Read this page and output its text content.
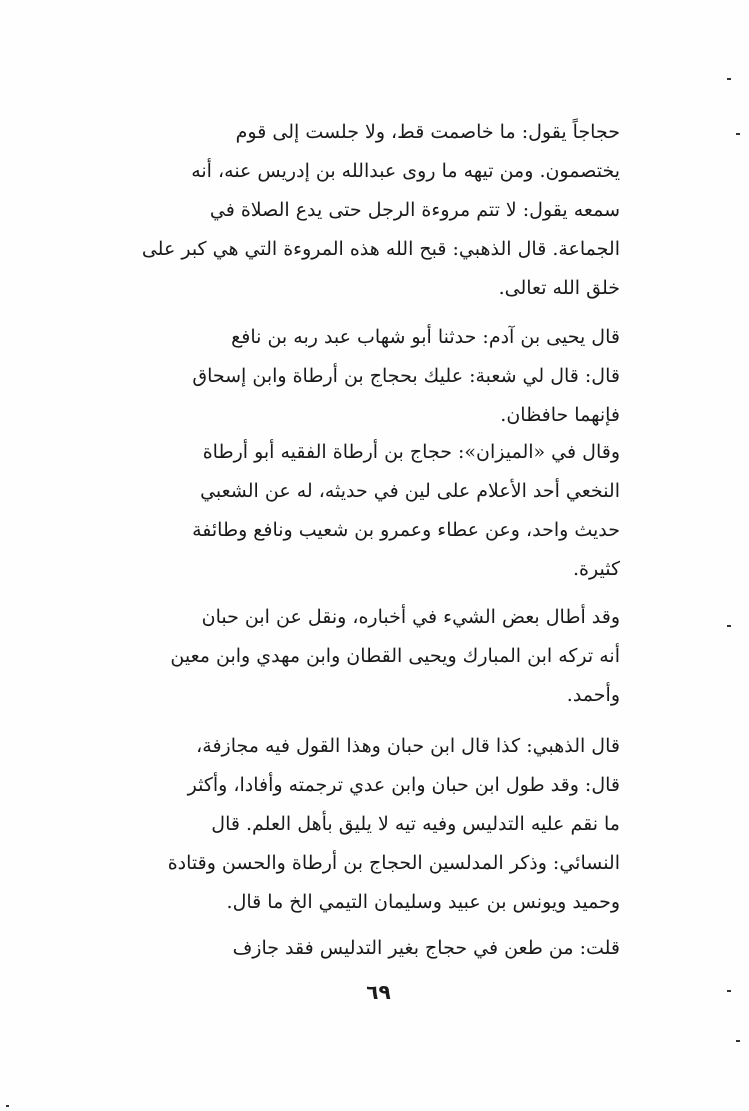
حجاجاً يقول: ما خاصمت قط، ولا جلست إلى قوم
يختصمون. ومن تيهه ما روى عبدالله بن إدريس عنه، أنه
سمعه يقول: لا تتم مروءة الرجل حتى يدع الصلاة في
الجماعة. قال الذهبي: قبح الله هذه المروءة التي هي كبر على
خلق الله تعالى.
قال يحيى بن آدم: حدثنا أبو شهاب عبد ربه بن نافع
قال: قال لي شعبة: عليك بحجاج بن أرطاة وابن إسحاق
فإنهما حافظان.
وقال في «الميزان»: حجاج بن أرطاة الفقيه أبو أرطاة
النخعي أحد الأعلام على لين في حديثه، له عن الشعبي
حديث واحد، وعن عطاء وعمرو بن شعيب ونافع وطائفة
كثيرة.
وقد أطال بعض الشيء في أخباره، ونقل عن ابن حبان
أنه تركه ابن المبارك ويحيى القطان وابن مهدي وابن معين
وأحمد.
قال الذهبي: كذا قال ابن حبان وهذا القول فيه مجازفة،
قال: وقد طول ابن حبان وابن عدي ترجمته وأفادا، وأكثر
ما نقم عليه التدليس وفيه تيه لا يليق بأهل العلم. قال
النسائي: وذكر المدلسين الحجاج بن أرطاة والحسن وقتادة
وحميد ويونس بن عبيد وسليمان التيمي الخ ما قال.
قلت: من طعن في حجاج بغير التدليس فقد جازف
٦٩
